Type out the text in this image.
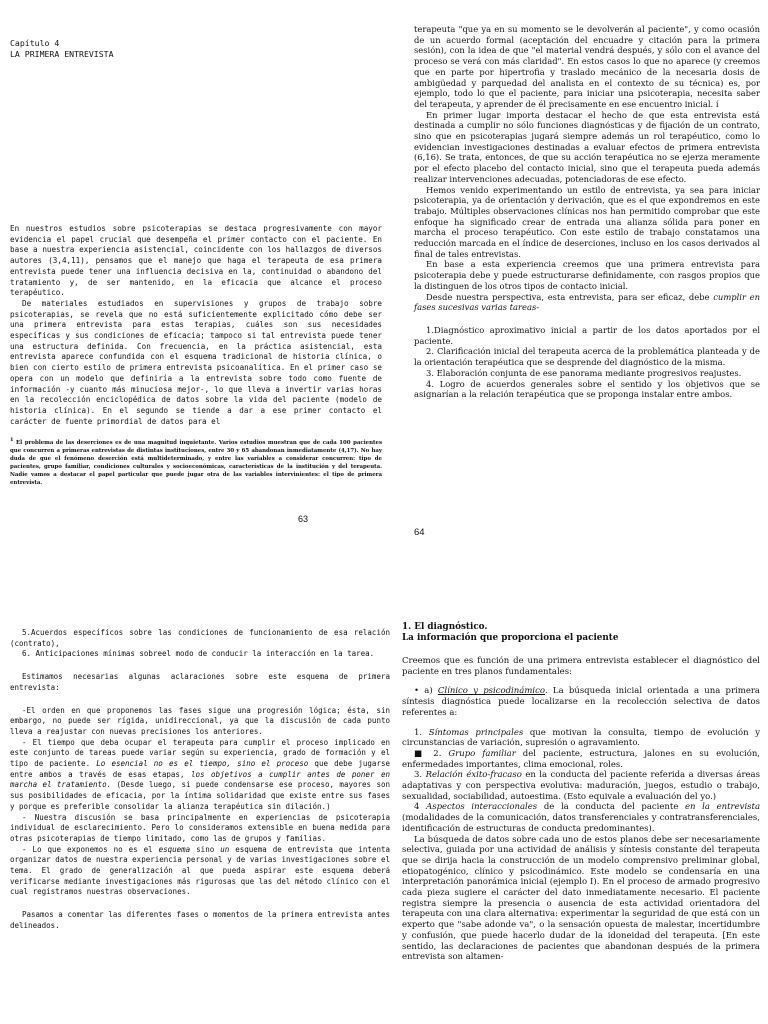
Capítulo 4
LA PRIMERA ENTREVISTA

En nuestros estudios sobre psicoterapias se destaca progresivamente con mayor evidencia el papel crucial que desempeña el primer contacto con el paciente. En base a nuestra experiencia asistencial, coincidente con los hallazgos de diversos autores (3,4,11), pensamos que el manejo que haga el terapeuta de esa primera entrevista puede tener una influencia decisiva en la, continuidad o abandono del tratamiento y, de ser mantenido, en la eficacia que alcance el proceso terapéutico.

De materiales estudiados en supervisiones y grupos de trabajo sobre psicoterapias, se revela que no está suficientemente explicitado cómo debe ser una primera entrevista para estas terapias, cuáles son sus necesidades específicas y sus condiciones de eficacia; tampoco si tal entrevista puede tener una estructura definida. Con frecuencia, en la práctica asistencial, esta entrevista aparece confundida con el esquema tradicional de historia clínica, o bien con cierto estilo de primera entrevista psicoanalítica. En el primer caso se opera con un modelo que definiría a la entrevista sobre todo como fuente de información -y cuanto más minuciosa mejor-, lo que lleva a invertir varias horas en la recolección enciclopédica de datos sobre la vida del paciente (modelo de historia clínica). En el segundo se tiende a dar a ese primer contacto el carácter de fuente primordial de datos para el

$^1$ El problema de las deserciones es de una magnitud inquietante. Varios estudios muestran que de cada 100 pacientes que concurren a primeras entrevistas de distintas instituciones, entre 30 y 65 abandonan inmediatamente (4,17). No hay duda de que el fenómeno deserción está multideterminado, y entre las variables a considerar concurren: tipo de pacientes, grupo familiar, condiciones culturales y socioeconómicas, características de la institución y del terapeuta. Nadie vamos a destacar el papel particular que puede jugar otra de las variables intervinientes: el tipo de primera entrevista.

63

terapeuta "que ya en su momento se le devolverán al paciente", y como ocasión de un acuerdo formal (aceptación del encuadre y citación para la primera sesión), con la idea de que "el material vendrá después, y sólo con el avance del proceso se verá con más claridad". En estos casos lo que no aparece (y creemos que en parte por hipertrofia y traslado mecánico de la necesaria dosis de ambigüedad y parquedad del analista en el contexto de su técnica) es, por ejemplo, todo lo que el paciente, para iniciar una psicoterapia, necesita saber del terapeuta, y aprender de él precisamente en ese encuentro inicial. í

En primer lugar importa destacar el hecho de que esta entrevista está destinada a cumplir no sólo funciones diagnósticas y de fijación de un contrato, sino que en psicoterapias jugará siempre además un rol terapéutico, como lo evidencian investigaciones destinadas a evaluar efectos de primera entrevista (6,16). Se trata, entonces, de que su acción terapéutica no se ejerza meramente por el efecto placebo del contacto inicial, sino que el terapeuta pueda además realizar intervenciones adecuadas, potenciadoras de ese efecto.

Hemos venido experimentando un estilo de entrevista, ya sea para iniciar psicoterapia, ya de orientación y derivación, que es el que expondremos en este trabajo. Múltiples observaciones clínicas nos han permitido comprobar que este enfoque ha significado crear de entrada una alianza sólida para poner en marcha el proceso terapéutico. Con este estilo de trabajo constatamos una reducción marcada en el índice de deserciones, incluso en los casos derivados al final de tales entrevistas.

En base a esta experiencia creemos que una primera entrevista para psicoterapia debe y puede estructurarse definidamente, con rasgos propios que la distinguen de los otros tipos de contacto inicial.

Desde nuestra perspectiva, esta entrevista, para ser eficaz, debe cumplir en fases sucesivas varias tareas-

1.Diagnóstico aproximativo inicial a partir de los datos aportados por el paciente.

2. Clarificación inicial del terapeuta acerca de la problemática planteada y de la orientación terapéutica que se desprende del diagnóstico de la misma.

3. Elaboración conjunta de ese panorama mediante progresivos reajustes.

4. Logro de acuerdos generales sobre el sentido y los objetivos que se asignarían a la relación terapéutica que se proponga instalar entre ambos.

64

5.Acuerdos específicos sobre las condiciones de funcionamiento de esa relación (contrato),

6. Anticipaciones mínimas sobreel modo de conducir la interacción en la tarea.

Estimamos necesarias algunas aclaraciones sobre este esquema de primera entrevista:

-El orden en que proponemos las fases sigue una progresión lógica; ésta, sin embargo, no puede ser rígida, unidireccional, ya que la discusión de cada punto lleva a reajustar con nuevas precisiones los anteriores.

- El tiempo que deba ocupar el terapeuta para cumplir el proceso implicado en este conjunto de tareas puede variar según su experiencia, grado de formación y el tipo de paciente. Lo esencial no es el tiempo, sino el proceso que debe jugarse entre ambos a través de esas etapas, los objetivos a cumplir antes de poner en marcha el tratamiento. (Desde luego, si puede condensarse ese proceso, mayores son sus posibilidades de eficacia, por la íntima solidaridad que existe entre sus fases y porque es preferible consolidar la alianza terapéutica sin dilación.)

- Nuestra discusión se basa principalmente en experiencias de psicoterapia individual de esclarecimiento. Pero lo consideramos extensible en buena medida para otras psicoterapias de tiempo limitado, como las de grupos y familias.

- Lo que exponemos no es el esquema sino un esquema de entrevista que intenta organizar datos de nuestra experiencia personal y de varias investigaciones sobre el tema. El grado de generalización al que pueda aspirar este esquema deberá verificarse mediante investigaciones más rigurosas que las del método clínico con el cual registramos nuestras observaciones.

Pasamos a comentar las diferentes fases o momentos de la primera entrevista antes delineados.

1. El diagnóstico.
La información que proporciona el paciente

Creemos que es función de una primera entrevista establecer el diagnóstico del paciente en tres planos fundamentales:

• a) Clínico y psicodinámico. La búsqueda inicial orientada a una primera síntesis diagnóstica puede localizarse en la recolección selectiva de datos referentes a:

1. Síntomas principales que motivan la consulta, tiempo de evolución y circunstancias de variación, supresión o agravamiento.

■ 2. Grupo familiar del paciente, estructura, jalones en su evolución, enfermedades importantes, clima emocional, roles.

3. Relación éxito-fracaso en la conducta del paciente referida a diversas áreas adaptativas y con perspectiva evolutiva: maduración, juegos, estudio o trabajo, sexualidad, sociabilidad, autoestima. (Esto equivale a evaluación del yo.)

4 Aspectos interaccionales de la conducta del paciente en la entrevista (modalidades de la comunicación, datos transferenciales y contratransferenciales, identificación de estructuras de conducta predominantes).

La búsqueda de datos sobre cada uno de estos planos debe ser necesariamente selectiva, guiada por una actividad de análisis y síntesis constante del terapeuta que se dirija hacia la construcción de un modelo comprensivo preliminar global, etiopatogénico, clínico y psicodinámico. Este modelo se condensaría en una interpretación panorámica inicial (ejemplo I). En el proceso de armado progresivo cada pieza sugiere el carácter del dato inmediatamente necesario. El paciente registra siempre la presencia o ausencia de esta actividad orientadora del terapeuta con una clara alternativa: experimentar la seguridad de que está con un experto que "sabe adonde va", o la sensación opuesta de malestar, incertidumbre y confusión, que puede hacerlo dudar de la idoneidad del terapeuta. [En este sentido, las declaraciones de pacientes que abandonan después de la primera entrevista son altamen-
